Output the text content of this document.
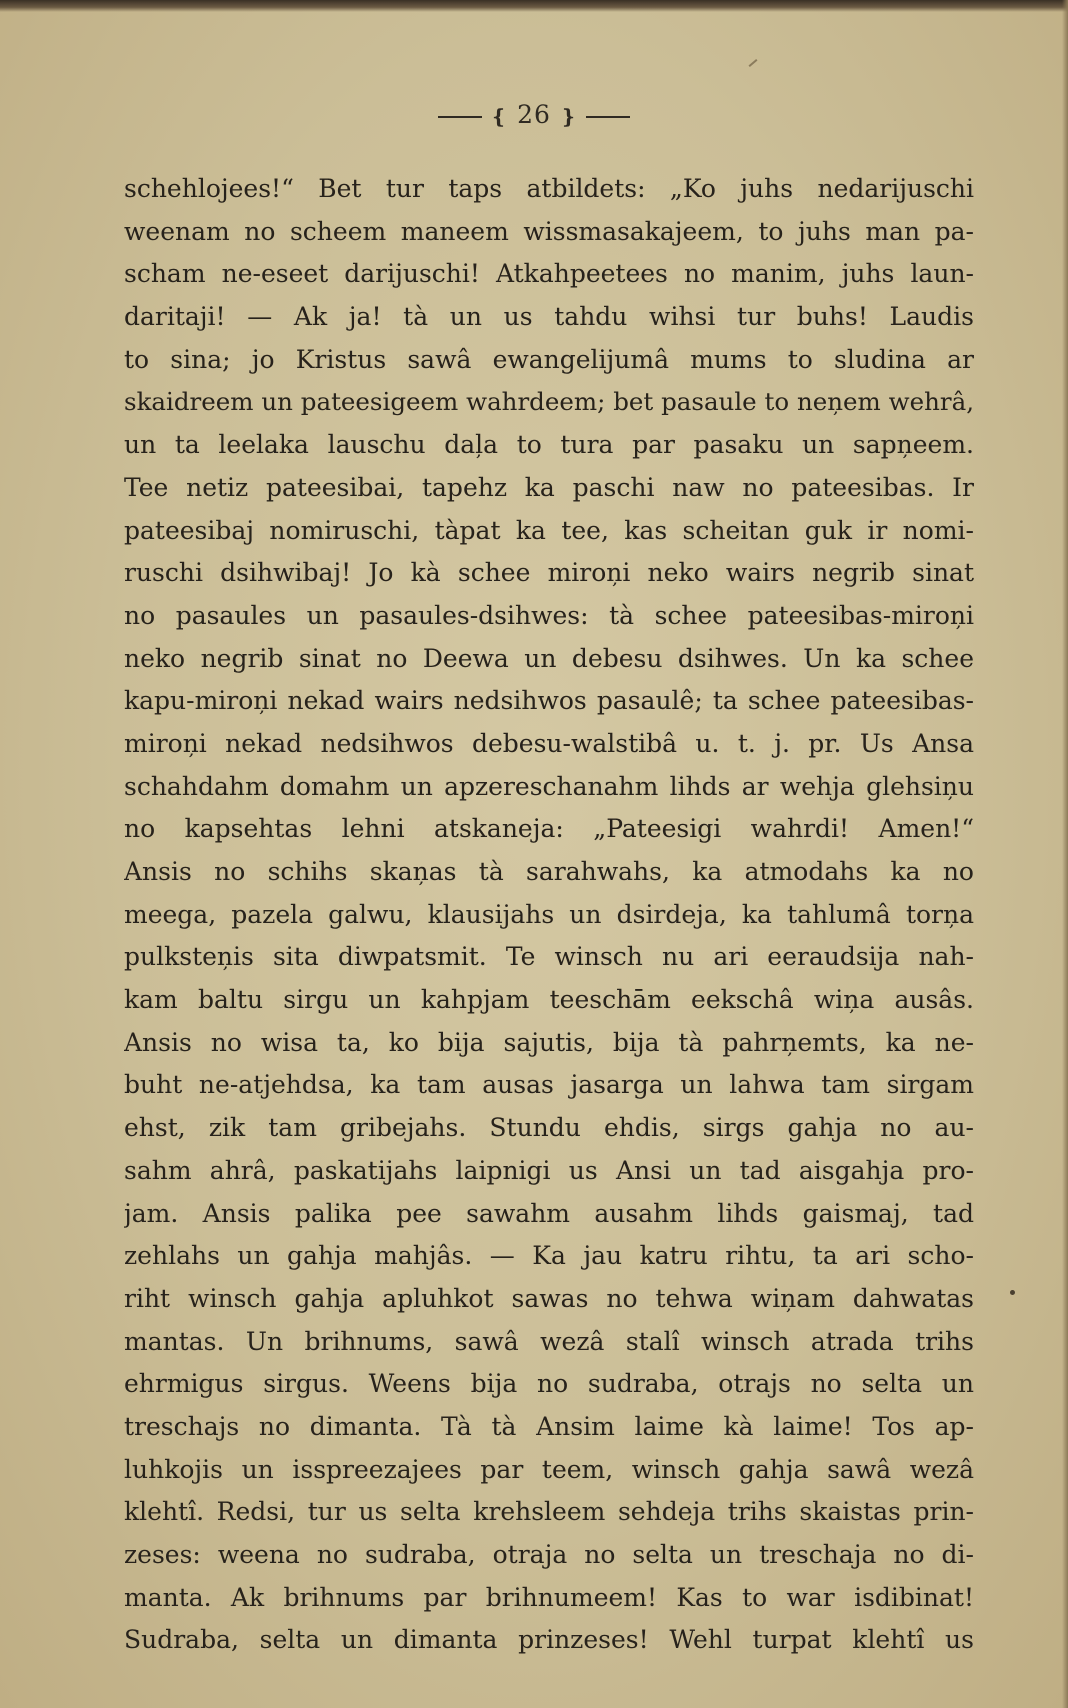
❴ 26 ❵
schehlojees!“ Bet tur taps atbildets: „Ko juhs nedarijuschi
weenam no scheem maneem wissmasakajeem, to juhs man pa-
scham ne-eseet darijuschi! Atkahpeetees no manim, juhs laun-
daritaji! — Ak ja! tà un us tahdu wihsi tur buhs! Laudis
to sina; jo Kristus sawâ ewangelijumâ mums to sludina ar
skaidreem un pateesigeem wahrdeem; bet pasaule to neņem wehrâ,
un ta leelaka lauschu daļa to tura par pasaku un sapņeem.
Tee netiz pateesibai, tapehz ka paschi naw no pateesibas. Ir
pateesibaj nomiruschi, tàpat ka tee, kas scheitan guk ir nomi-
ruschi dsihwibaj! Jo kà schee miroņi neko wairs negrib sinat
no pasaules un pasaules-dsihwes: tà schee pateesibas-miroņi
neko negrib sinat no Deewa un debesu dsihwes. Un ka schee
kapu-miroņi nekad wairs nedsihwos pasaulê; ta schee pateesibas-
miroņi nekad nedsihwos debesu-walstibâ u. t. j. pr. Us Ansa
schahdahm domahm un apzereschanahm lihds ar wehja glehsiņu
no kapsehtas lehni atskaneja: „Pateesigi wahrdi! Amen!“
Ansis no schihs skaņas tà sarahwahs, ka atmodahs ka no
meega, pazela galwu, klausijahs un dsirdeja, ka tahlumâ torņa
pulksteņis sita diwpatsmit. Te winsch nu ari eeraudsija nah-
kam baltu sirgu un kahpjam teeschām eekschâ wiņa ausâs.
Ansis no wisa ta, ko bija sajutis, bija tà pahrņemts, ka ne-
buht ne-atjehdsa, ka tam ausas jasarga un lahwa tam sirgam
ehst, zik tam gribejahs. Stundu ehdis, sirgs gahja no au-
sahm ahrâ, paskatijahs laipnigi us Ansi un tad aisgahja pro-
jam. Ansis palika pee sawahm ausahm lihds gaismaj, tad
zehlahs un gahja mahjâs. — Ka jau katru rihtu, ta ari scho-
riht winsch gahja apluhkot sawas no tehwa wiņam dahwatas
mantas. Un brihnums, sawâ wezâ stalî winsch atrada trihs
ehrmigus sirgus. Weens bija no sudraba, otrajs no selta un
treschajs no dimanta. Tà tà Ansim laime kà laime! Tos ap-
luhkojis un isspreezajees par teem, winsch gahja sawâ wezâ
klehtî. Redsi, tur us selta krehsleem sehdeja trihs skaistas prin-
zeses: weena no sudraba, otraja no selta un treschaja no di-
manta. Ak brihnums par brihnumeem! Kas to war isdibinat!
Sudraba, selta un dimanta prinzeses! Wehl turpat klehtî us
